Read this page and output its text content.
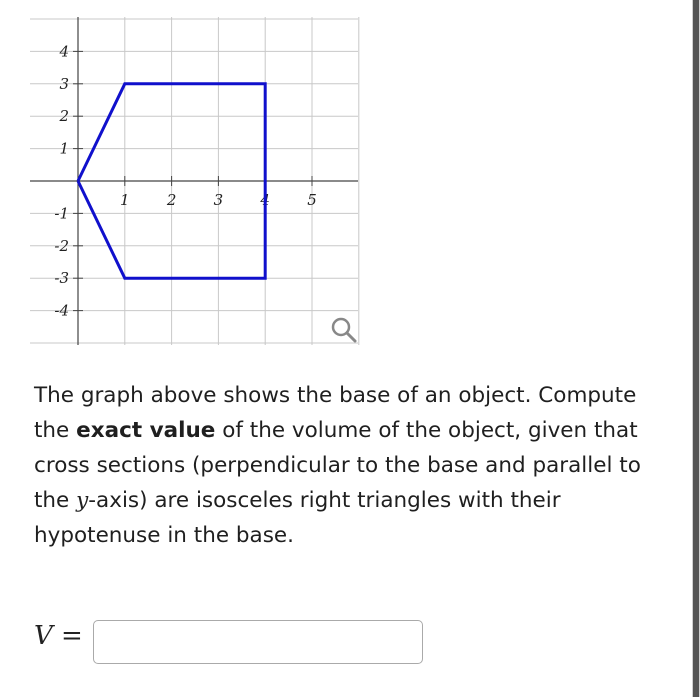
1 2 3 4 5
4
3
2
1
-1
-2
-3
-4
The graph above shows the base of an object. Compute the exact value of the volume of the object, given that cross sections (perpendicular to the base and parallel to the y-axis) are isosceles right triangles with their hypotenuse in the base.
V =
